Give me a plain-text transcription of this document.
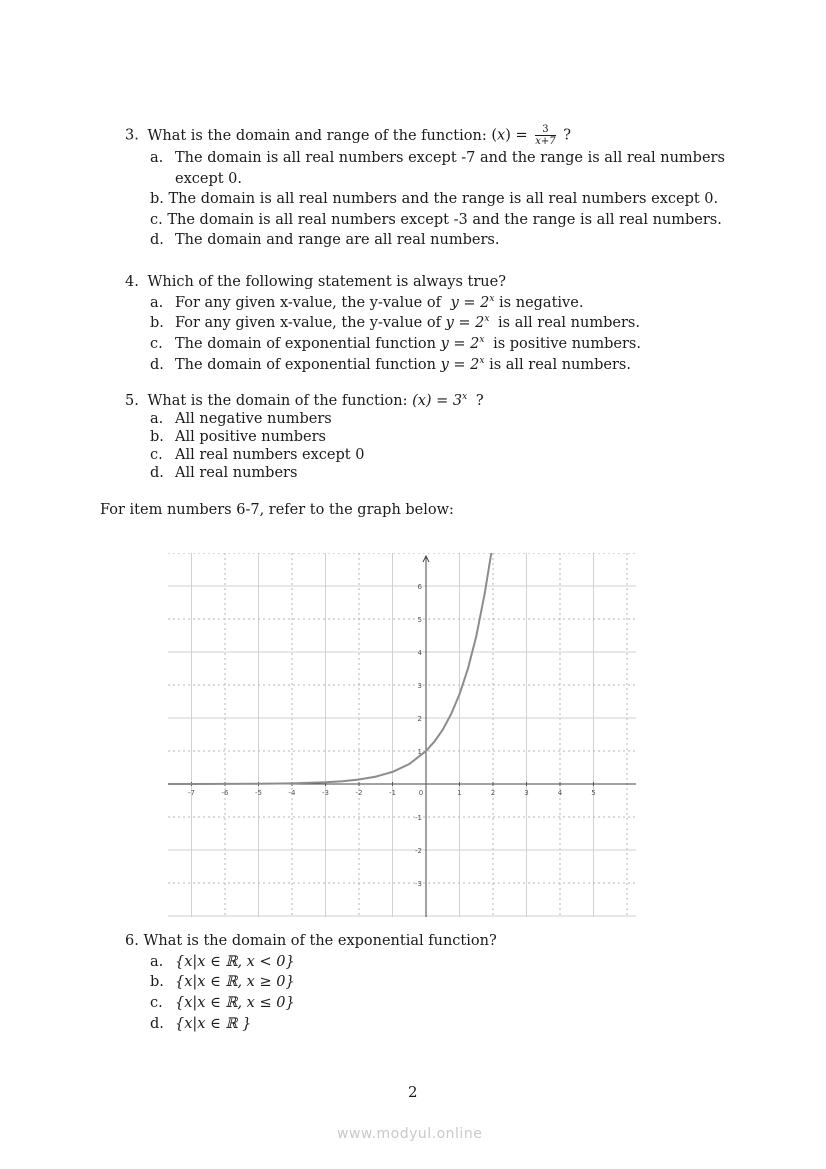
3. What is the domain and range of the function: $(x) = \frac{3}{x+7}$ ?
a. The domain is all real numbers except -7 and the range is all real numbers
except 0.
b. The domain is all real numbers and the range is all real numbers except 0.
c. The domain is all real numbers except -3 and the range is all real numbers.
d. The domain and range are all real numbers.
4. Which of the following statement is always true?
a. For any given x-value, the y-value of $y = 2^x$ is negative.
b. For any given x-value, the y-value of $y = 2^x$ is all real numbers.
c. The domain of exponential function $y = 2^x$ is positive numbers.
d. The domain of exponential function $y = 2^x$ is all real numbers.
5. What is the domain of the function: $(x) = 3^x$ ?
a. All negative numbers
b. All positive numbers
c. All real numbers except 0
d. All real numbers
For item numbers 6-7, refer to the graph below:
-7	-6	-5	-4	-3	-2	-1	0	1	2	3	4	5
-3
-2
-1
1
2
3
4
5
6
6. What is the domain of the exponential function?
a. {x|x ∈ ℝ, x < 0}
b. {x|x ∈ ℝ, x ≥ 0}
c. {x|x ∈ ℝ, x ≤ 0}
d. {x|x ∈ ℝ }
2
www.modyul.online
